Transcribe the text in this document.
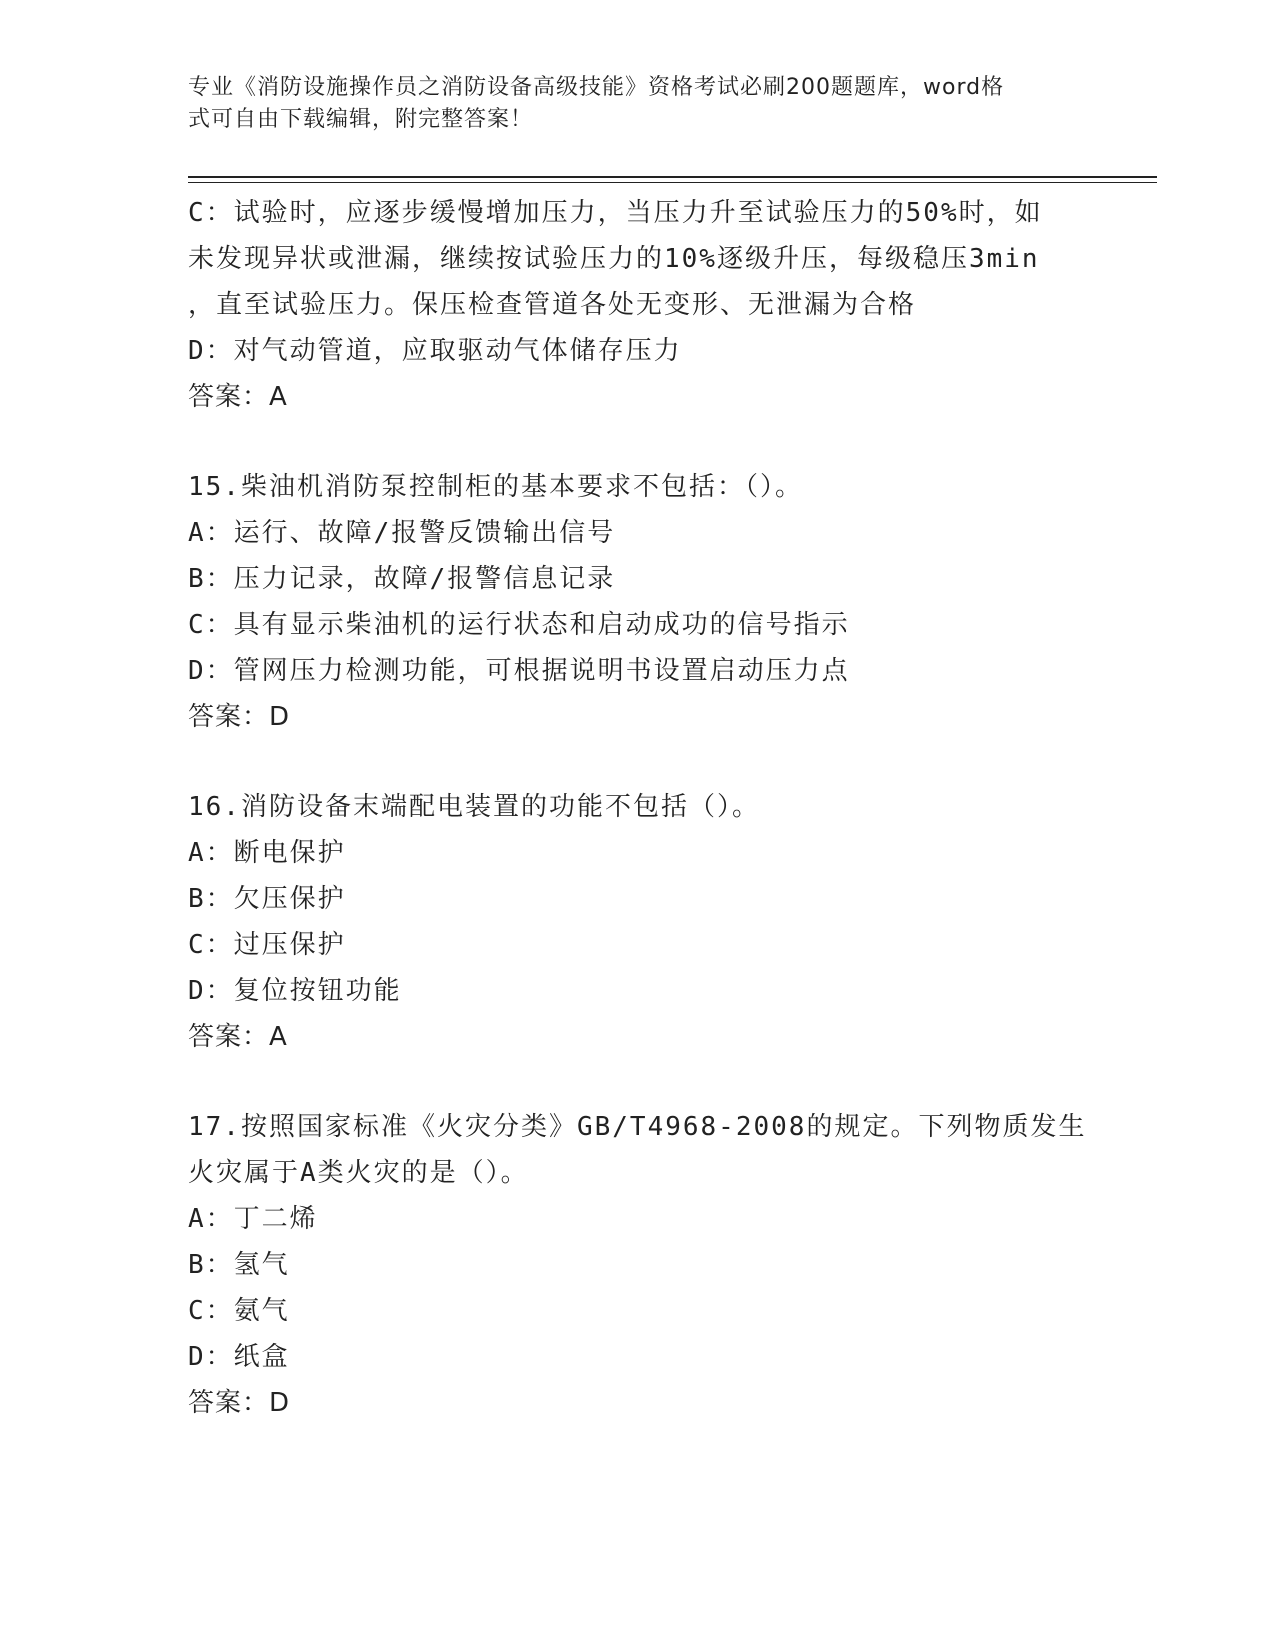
专业《消防设施操作员之消防设备高级技能》资格考试必刷200题题库，word格
式可自由下载编辑，附完整答案！
C：试验时，应逐步缓慢增加压力，当压力升至试验压力的50%时，如
未发现异状或泄漏，继续按试验压力的10%逐级升压，每级稳压3min
，直至试验压力。保压检查管道各处无变形、无泄漏为合格
D：对气动管道，应取驱动气体储存压力
答案：A
15.柴油机消防泵控制柜的基本要求不包括：（）。
A：运行、故障/报警反馈输出信号
B：压力记录，故障/报警信息记录
C：具有显示柴油机的运行状态和启动成功的信号指示
D：管网压力检测功能，可根据说明书设置启动压力点
答案：D
16.消防设备末端配电装置的功能不包括（）。
A：断电保护
B：欠压保护
C：过压保护
D：复位按钮功能
答案：A
17.按照国家标准《火灾分类》GB/T4968-2008的规定。下列物质发生
火灾属于A类火灾的是（）。
A：丁二烯
B：氢气
C：氨气
D：纸盒
答案：D
